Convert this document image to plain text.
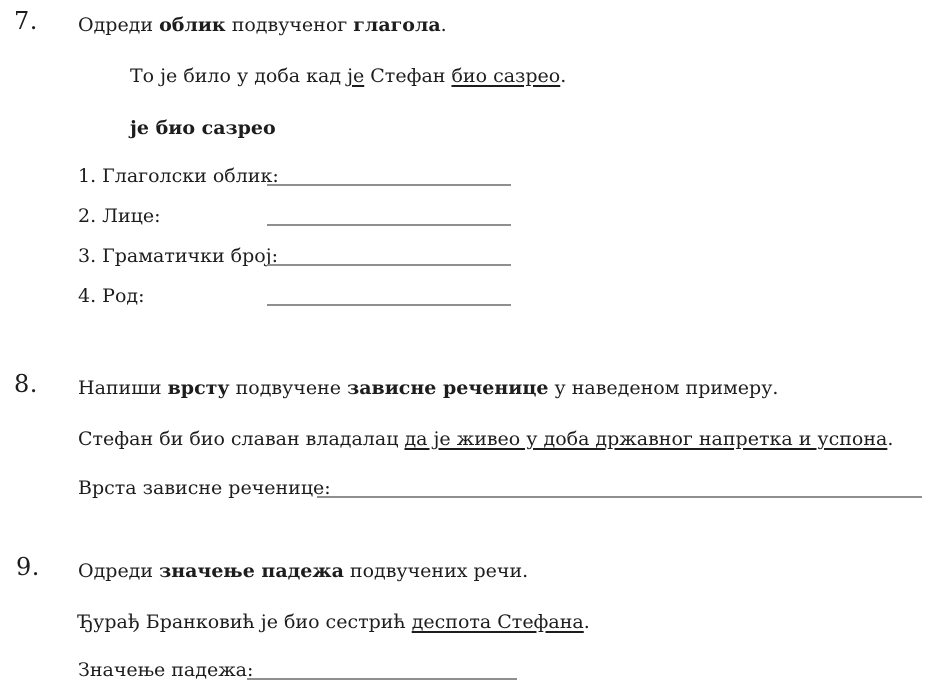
7. Одреди облик подвученог глагола.
То је било у доба кад је Стефан био сазрео.
је био сазрео
1. Глаголски облик:
2. Лице:
3. Граматички број:
4. Род:
8. Напиши врсту подвучене зависне реченице у наведеном примеру.
Стефан би био славан владалац да је живео у доба државног напретка и успона.
Врста зависне реченице:
9. Одреди значење падежа подвучених речи.
Ђурађ Бранковић је био сестрић деспота Стефана.
Значење падежа:
